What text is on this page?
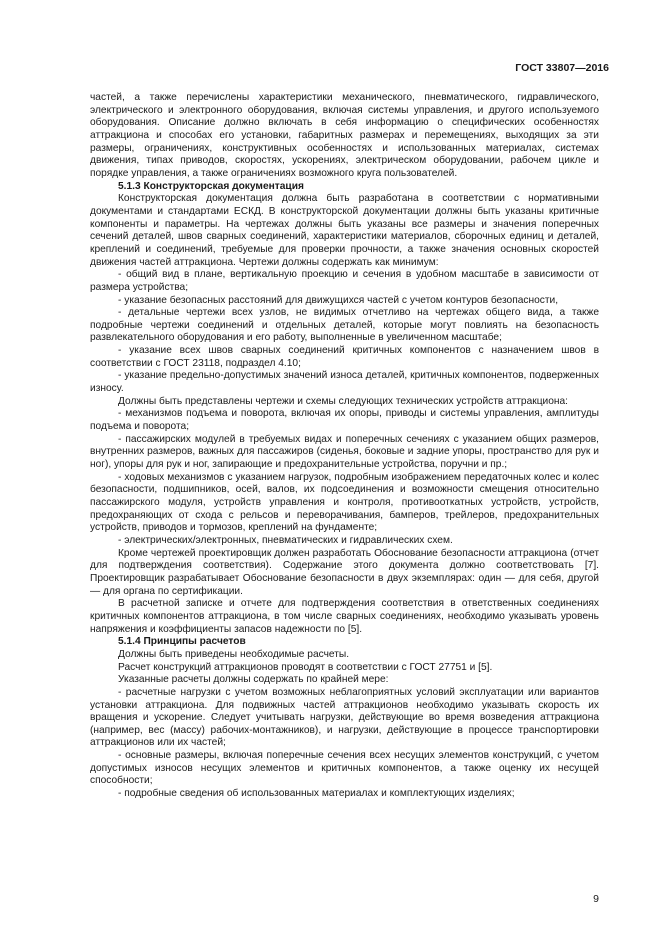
ГОСТ 33807—2016

частей, а также перечислены характеристики механического, пневматического, гидравлического, электрического и электронного оборудования, включая системы управления, и другого используемого оборудования. Описание должно включать в себя информацию о специфических особенностях аттракциона и способах его установки, габаритных размерах и перемещениях, выходящих за эти размеры, ограничениях, конструктивных особенностях и использованных материалах, системах движения, типах приводов, скоростях, ускорениях, электрическом оборудовании, рабочем цикле и порядке управления, а также ограничениях возможного круга пользователей.

5.1.3 Конструкторская документация

Конструкторская документация должна быть разработана в соответствии с нормативными документами и стандартами ЕСКД. В конструкторской документации должны быть указаны критичные компоненты и параметры. На чертежах должны быть указаны все размеры и значения поперечных сечений деталей, швов сварных соединений, характеристики материалов, сборочных единиц и деталей, креплений и соединений, требуемые для проверки прочности, а также значения основных скоростей движения частей аттракциона. Чертежи должны содержать как минимум:

- общий вид в плане, вертикальную проекцию и сечения в удобном масштабе в зависимости от размера устройства;

- указание безопасных расстояний для движущихся частей с учетом контуров безопасности,

- детальные чертежи всех узлов, не видимых отчетливо на чертежах общего вида, а также подробные чертежи соединений и отдельных деталей, которые могут повлиять на безопасность развлекательного оборудования и его работу, выполненные в увеличенном масштабе;

- указание всех швов сварных соединений критичных компонентов с назначением швов в соответствии с ГОСТ 23118, подраздел 4.10;

- указание предельно-допустимых значений износа деталей, критичных компонентов, подверженных износу.

Должны быть представлены чертежи и схемы следующих технических устройств аттракциона:

- механизмов подъема и поворота, включая их опоры, приводы и системы управления, амплитуды подъема и поворота;

- пассажирских модулей в требуемых видах и поперечных сечениях с указанием общих размеров, внутренних размеров, важных для пассажиров (сиденья, боковые и задние упоры, пространство для рук и ног), упоры для рук и ног, запирающие и предохранительные устройства, поручни и пр.;

- ходовых механизмов с указанием нагрузок, подробным изображением передаточных колес и колес безопасности, подшипников, осей, валов, их подсоединения и возможности смещения относительно пассажирского модуля, устройств управления и контроля, противооткатных устройств, устройств, предохраняющих от схода с рельсов и переворачивания, бамперов, трейлеров, предохранительных устройств, приводов и тормозов, креплений на фундаменте;

- электрических/электронных, пневматических и гидравлических схем.

Кроме чертежей проектировщик должен разработать Обоснование безопасности аттракциона (отчет для подтверждения соответствия). Содержание этого документа должно соответствовать [7]. Проектировщик разрабатывает Обоснование безопасности в двух экземплярах: один — для себя, другой — для органа по сертификации.

В расчетной записке и отчете для подтверждения соответствия в ответственных соединениях критичных компонентов аттракциона, в том числе сварных соединениях, необходимо указывать уровень напряжения и коэффициенты запасов надежности по [5].

5.1.4 Принципы расчетов

Должны быть приведены необходимые расчеты.

Расчет конструкций аттракционов проводят в соответствии с ГОСТ 27751 и [5].

Указанные расчеты должны содержать по крайней мере:

- расчетные нагрузки с учетом возможных неблагоприятных условий эксплуатации или вариантов установки аттракциона. Для подвижных частей аттракционов необходимо указывать скорость их вращения и ускорение. Следует учитывать нагрузки, действующие во время возведения аттракциона (например, вес (массу) рабочих-монтажников), и нагрузки, действующие в процессе транспортировки аттракционов или их частей;

- основные размеры, включая поперечные сечения всех несущих элементов конструкций, с учетом допустимых износов несущих элементов и критичных компонентов, а также оценку их несущей способности;

- подробные сведения об использованных материалах и комплектующих изделиях;

9
